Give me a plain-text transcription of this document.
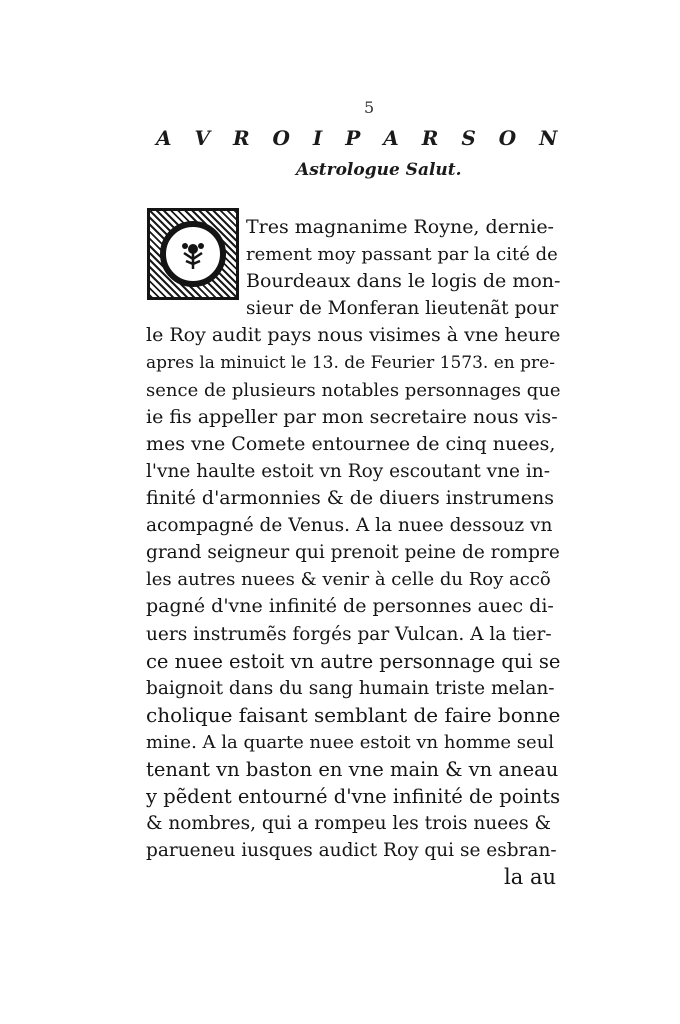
5

A V R O I P A R S O N
Astrologue Salut.
Tres magnanime Royne, dernie-
rement moy passant par la cité de
Bourdeaux dans le logis de mon-
sieur de Monferan lieutenãt pour
le Roy audit pays nous visimes à vne heure
apres la minuict le 13. de Feurier 1573. en pre-
sence de plusieurs notables personnages que
ie fis appeller par mon secretaire nous vis-
mes vne Comete entournee de cinq nuees,
l'vne haulte estoit vn Roy escoutant vne in-
finité d'armonnies & de diuers instrumens
acompagné de Venus. A la nuee dessouz vn
grand seigneur qui prenoit peine de rompre
les autres nuees & venir à celle du Roy accõ
pagné d'vne infinité de personnes auec di-
uers instrumẽs forgés par Vulcan. A la tier-
ce nuee estoit vn autre personnage qui se
baignoit dans du sang humain triste melan-
cholique faisant semblant de faire bonne
mine. A la quarte nuee estoit vn homme seul
tenant vn baston en vne main & vn aneau
y pẽdent entourné d'vne infinité de points
& nombres, qui a rompeu les trois nuees &
parueneu iusques audict Roy qui se esbran-
la au
